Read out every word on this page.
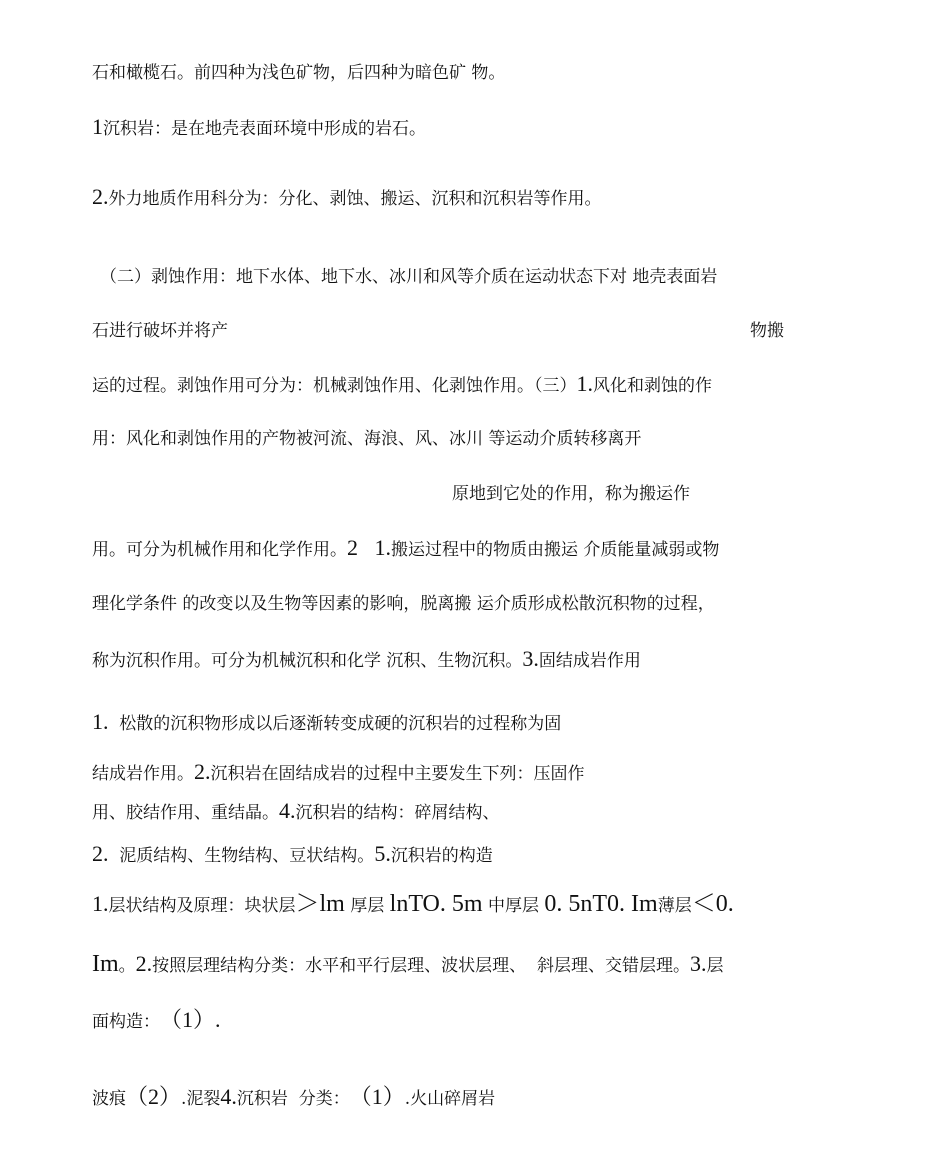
石和橄榄石。前四种为浅色矿物，后四种为暗色矿 物。
1沉积岩：是在地壳表面环境中形成的岩石。
2.外力地质作用科分为：分化、剥蚀、搬运、沉积和沉积岩等作用。
（二）剥蚀作用：地下水体、地下水、冰川和风等介质在运动状态下对 地壳表面岩
石进行破坏并将产	物搬
运的过程。剥蚀作用可分为：机械剥蚀作用、化剥蚀作用。（三）1.风化和剥蚀的作
用：风化和剥蚀作用的产物被河流、海浪、风、冰川 等运动介质转移离开
原地到它处的作用，称为搬运作
用。可分为机械作用和化学作用。2   1.搬运过程中的物质由搬运 介质能量减弱或物
理化学条件 的改变以及生物等因素的影响，脱离搬 运介质形成松散沉积物的过程，
称为沉积作用。可分为机械沉积和化学 沉积、生物沉积。3.固结成岩作用
1.  松散的沉积物形成以后逐渐转变成硬的沉积岩的过程称为固
结成岩作用。2.沉积岩在固结成岩的过程中主要发生下列：压固作
用、胶结作用、重结晶。4.沉积岩的结构：碎屑结构、
2.  泥质结构、生物结构、豆状结构。5.沉积岩的构造
1.层状结构及原理：块状层＞lm 厚层 lnTO. 5m 中厚层 0. 5nT0. Im薄层＜0.
Im。2.按照层理结构分类：水平和平行层理、波状层理、  斜层理、交错层理。3.层
面构造：（1）.
波痕（2）.泥裂4.沉积岩  分类：（1）.火山碎屑岩
